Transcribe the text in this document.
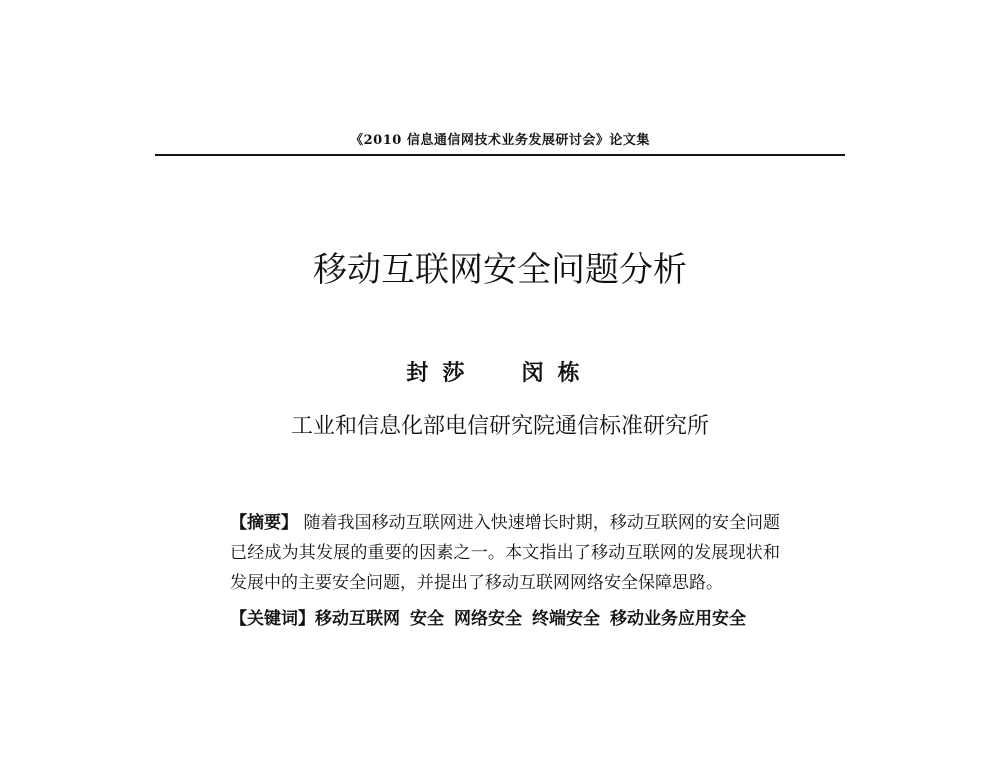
《2010 信息通信网技术业务发展研讨会》论文集
移动互联网安全问题分析
封莎 闵栋
工业和信息化部电信研究院通信标准研究所

【摘要】 随着我国移动互联网进入快速增长时期，移动互联网的安全问题已经成为其发展的重要的因素之一。本文指出了移动互联网的发展现状和发展中的主要安全问题，并提出了移动互联网网络安全保障思路。

【关键词】移动互联网 安全 网络安全 终端安全 移动业务应用安全
